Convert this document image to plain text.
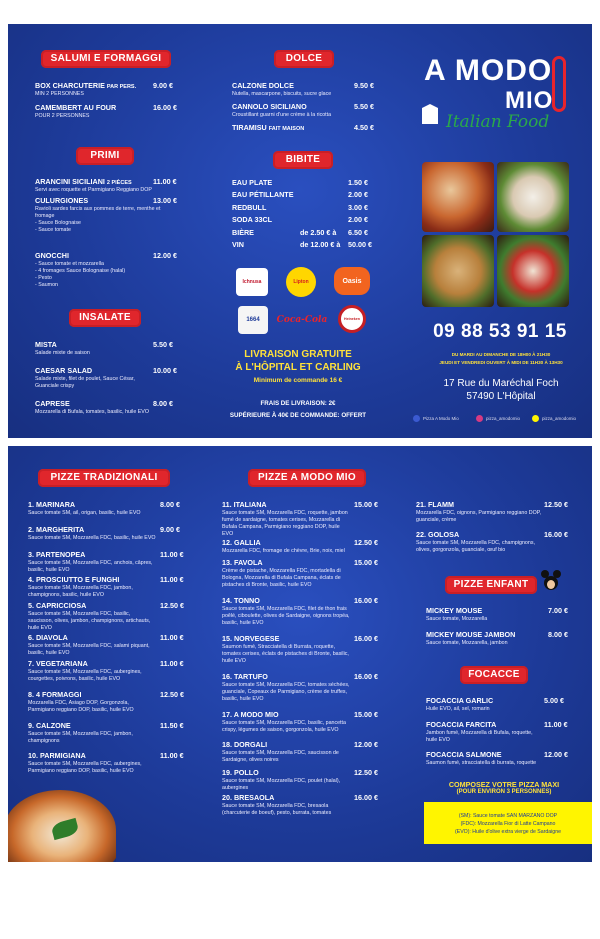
SALUMI E FORMAGGI
BOX CHARCUTERIE PAR PERS.	9.00 €
MIN 2 PERSONNES
CAMEMBERT AU FOUR	16.00 €
POUR 2 PERSONNES
PRIMI
ARANCINI SICILIANI 2 PIÈCES	11.00 €
Servi avec roquette et Parmigiano Reggiano DOP
CULURGIONES	13.00 €
Ravioli sardes farcis aux pommes de terre, menthe et fromage
- Sauce Bolognaise
- Sauce tomate
GNOCCHI	12.00 €
- Sauce tomate et mozzarella
- 4 fromages Sauce Bolognaise (halal)
- Pesto
- Saumon
INSALATE
MISTA	5.50 €
Salade mixte de saison
CAESAR SALAD	10.00 €
Salade mixte, filet de poulet, Sauce César, Guanciale crispy
CAPRESE	8.00 €
Mozzarella di Bufala, tomates, basilic, huile EVO
DOLCE
CALZONE DOLCE	9.50 €
Nutella, mascarpone, biscuits, sucre glace
CANNOLO SICILIANO	5.50 €
Croustillant guarni d'une crème à la ricotta
TIRAMISU FAIT MAISON	4.50 €
BIBITE
EAU PLATE	1.50 €
EAU PÉTILLANTE	2.00 €
REDBULL	3.00 €
SODA 33CL	2.00 €
BIÈRE	de 2.50 € à 6.50 €
VIN	de 12.00 € à 50.00 €
Ichnusa	Lipton	Oasis
1664 Coca-Cola	Heineken
LIVRAISON GRATUITE
À L'HÔPITAL ET CARLING
Minimum de commande 16 €
FRAIS DE LIVRAISON: 2€
SUPÉRIEURE À 40€ DE COMMANDE: OFFERT
A MODO
MIO
Italian Food
09 88 53 91 15
DU MARDI AU DIMANCHE DE 18H00 À 21H30
JEUDI ET VENDREDI OUVERT À MIDI DE 11H30 À 13H30
17 Rue du Maréchal Foch
57490 L'Hôpital
Pizza A Modo Mio	pizza_amodomio	pizza_amodomio
PIZZE TRADIZIONALI
1. MARINARA	8.00 €
Sauce tomate SM, ail, origan, basilic, huile EVO
2. MARGHERITA	9.00 €
Sauce tomate SM, Mozzarella FDC, basilic, huile EVO
3. PARTENOPEA	11.00 €
Sauce tomate SM, Mozzarella FDC, anchois, câpres, basilic, huile EVO
4. PROSCIUTTO E FUNGHI	11.00 €
Sauce tomate SM, Mozzarella FDC, jambon, champignons, basilic, huile EVO
5. CAPRICCIOSA	12.50 €
Sauce tomate SM, Mozzarella FDC, basilic, saucisson, olives, jambon, champignons, artichauts, huile EVO
6. DIAVOLA	11.00 €
Sauce tomate SM, Mozzarella FDC, salami piquant, basilic, huile EVO
7. VEGETARIANA	11.00 €
Sauce tomate SM, Mozzarella FDC, aubergines, courgettes, poivrons, basilic, huile EVO
8. 4 FORMAGGI	12.50 €
Mozzarella FDC, Asiago DOP, Gorgonzola, Parmigiano reggiano DOP, basilic, huile EVO
9. CALZONE	11.50 €
Sauce tomate SM, Mozzarella FDC, jambon, champignons
10. PARMIGIANA	11.00 €
Sauce tomate SM, Mozzarella FDC, aubergines, Parmigiano reggiano DOP, basilic, huile EVO
PIZZE A MODO MIO
11. ITALIANA	15.00 €
Sauce tomate SM, Mozzarella FDC, roquette, jambon fumé de sardaigne, tomates cerises, Mozzarella di Bufala Campana, Parmigiano reggiano DOP, huile EVO
12. GALLIA	12.50 €
Mozzarella FDC, fromage de chèvre, Brie, noix, miel
13. FAVOLA	15.00 €
Crème de pistache, Mozzarella FDC, mortadella di Bologna, Mozzarella di Bufala Campana, éclats de pistaches di Bronte, basilic, huile EVO
14. TONNO	16.00 €
Sauce tomate SM, Mozzarella FDC, filet de thon frais poêlé, ciboulette, olives de Sardaigne, oignons tropéa, basilic, huile EVO
15. NORVEGESE	16.00 €
Saumon fumé, Stracciatella di Burrata, roquette, tomates cerises, éclats de pistaches di Bronte, basilic, huile EVO
16. TARTUFO	16.00 €
Sauce tomate SM, Mozzarella FDC, tomates séchées, guanciale, Copeaux de Parmigiano, crème de truffes, basilic, huile EVO
17. A MODO MIO	15.00 €
Sauce tomate SM, Mozzarella FDC, basilic, pancetta crispy, légumes de saison, gorgonzola, huile EVO
18. DORGALI	12.00 €
Sauce tomate SM, Mozzarella FDC, saucisson de Sardaigne, olives noires
19. POLLO	12.50 €
Sauce tomate SM, Mozzarella FDC, poulet (halal), aubergines
20. BRESAOLA	16.00 €
Sauce tomate SM, Mozzarella FDC, bresaola (charcuterie de boeuf), pesto, burrata, tomates
21. FLAMM	12.50 €
Mozzarella FDC, oignons, Parmigiano reggiano DOP, guanciale, crème
22. GOLOSA	16.00 €
Sauce tomate SM, Mozzarella FDC, champignons, olives, gorgonzola, guanciale, œuf bio
PIZZE ENFANT
MICKEY MOUSE	7.00 €
Sauce tomate, Mozzarella
MICKEY MOUSE JAMBON	8.00 €
Sauce tomate, Mozzarella, jambon
FOCACCE
FOCACCIA GARLIC	5.00 €
Huile EVO, ail, sel, romarin
FOCACCIA FARCITA	11.00 €
Jambon fumé, Mozzarella di Bufala, roquette, huile EVO
FOCACCIA SALMONE	12.00 €
Saumon fumé, stracciatella di burrata, roquette
COMPOSEZ VOTRE PIZZA MAXI
(POUR ENVIRON 3 PERSONNES)
(SM): Sauce tomate SAN MARZANO DOP
(FDC): Mozzarella Fior di Latte Campano
(EVO): Huile d'olive extra vierge de Sardaigne
